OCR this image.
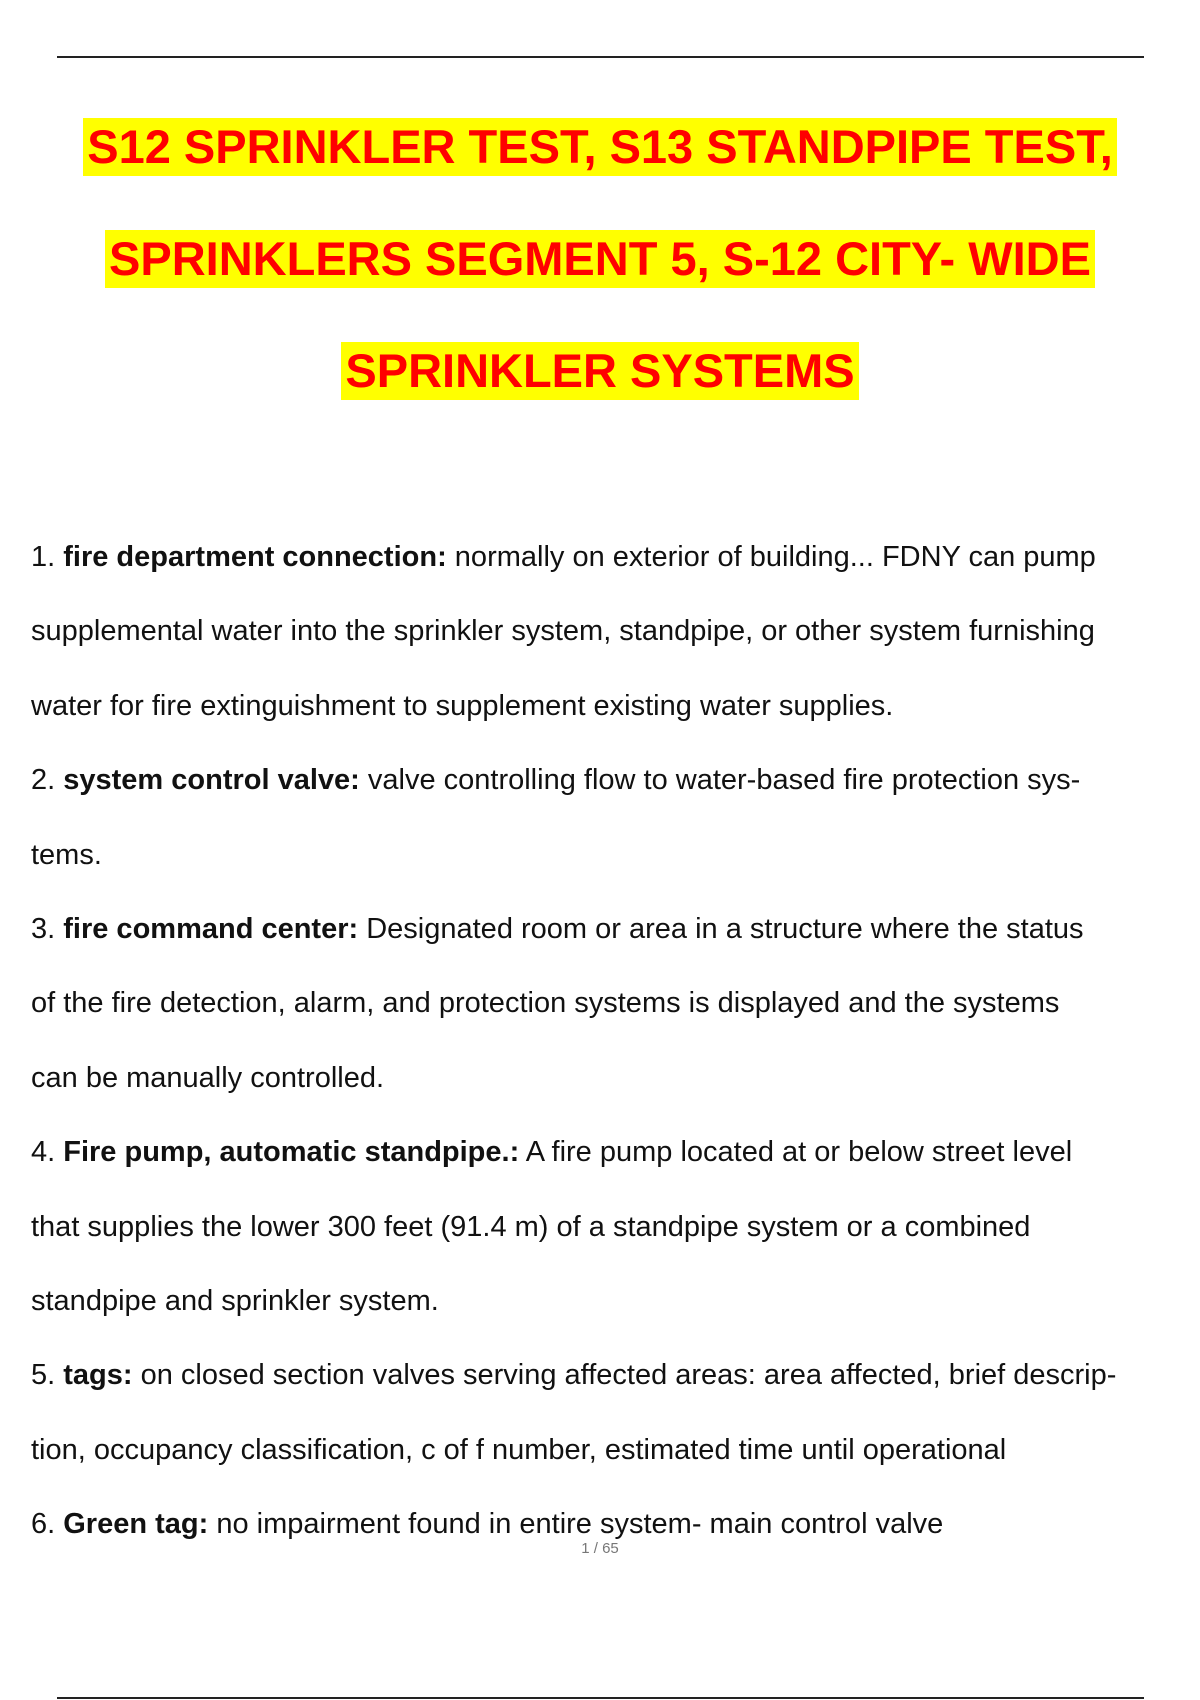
S12 SPRINKLER TEST, S13 STANDPIPE TEST,
SPRINKLERS SEGMENT 5, S-12 CITY- WIDE
SPRINKLER SYSTEMS
1. fire department connection: normally on exterior of building... FDNY can pump
supplemental water into the sprinkler system, standpipe, or other system furnishing
water for fire extinguishment to supplement existing water supplies.
2. system control valve: valve controlling flow to water-based fire protection sys-
tems.
3. fire command center: Designated room or area in a structure where the status
of the fire detection, alarm, and protection systems is displayed and the systems
can be manually controlled.
4. Fire pump, automatic standpipe.: A fire pump located at or below street level
that supplies the lower 300 feet (91.4 m) of a standpipe system or a combined
standpipe and sprinkler system.
5. tags: on closed section valves serving affected areas: area affected, brief descrip-
tion, occupancy classification, c of f number, estimated time until operational
6. Green tag: no impairment found in entire system- main control valve
1 / 65
